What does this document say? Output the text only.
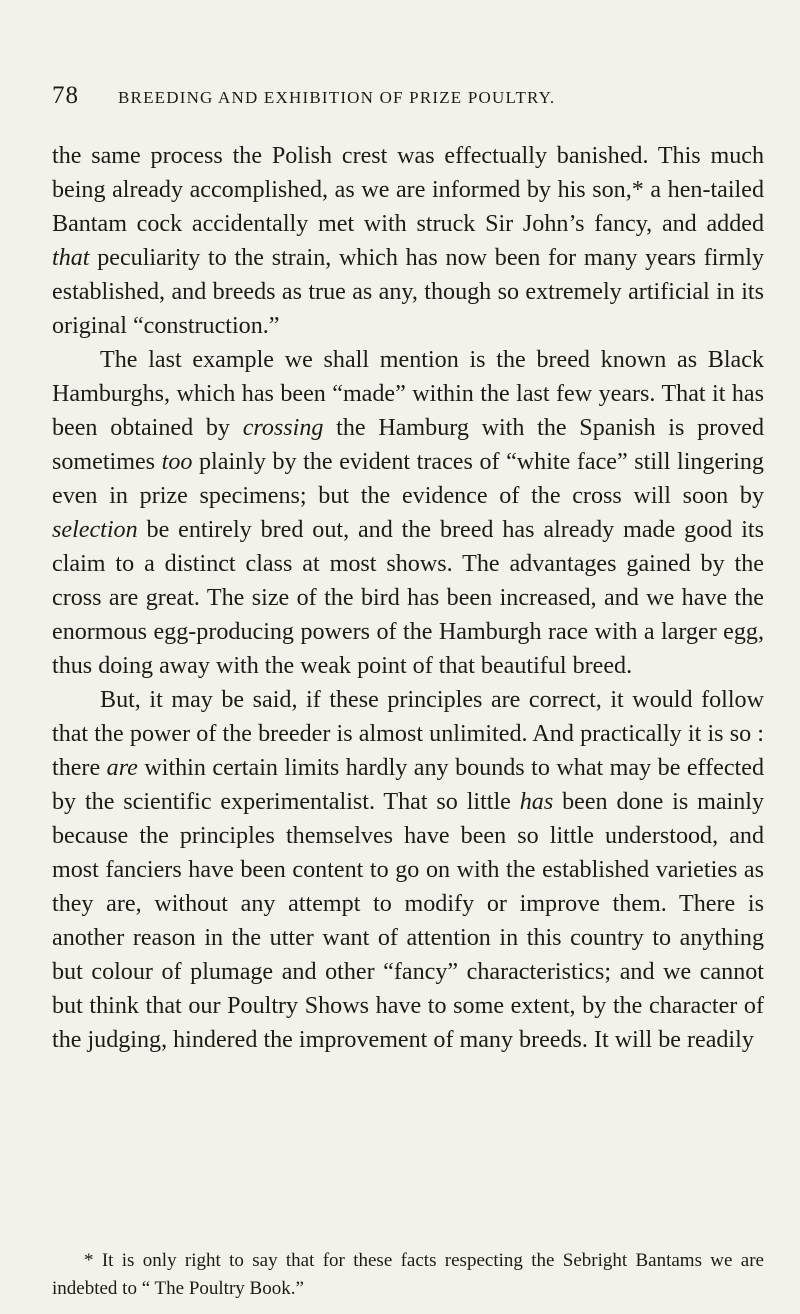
78 BREEDING AND EXHIBITION OF PRIZE POULTRY.

the same process the Polish crest was effectually banished. This much being already accomplished, as we are informed by his son,* a hen-tailed Bantam cock accidentally met with struck Sir John’s fancy, and added that peculiarity to the strain, which has now been for many years firmly established, and breeds as true as any, though so extremely artificial in its original “construction.”

The last example we shall mention is the breed known as Black Hamburghs, which has been “made” within the last few years. That it has been obtained by crossing the Hamburg with the Spanish is proved sometimes too plainly by the evident traces of “white face” still lingering even in prize specimens; but the evidence of the cross will soon by selection be entirely bred out, and the breed has already made good its claim to a distinct class at most shows. The advantages gained by the cross are great. The size of the bird has been increased, and we have the enormous egg-producing powers of the Hamburgh race with a larger egg, thus doing away with the weak point of that beautiful breed.

But, it may be said, if these principles are correct, it would follow that the power of the breeder is almost unlimited. And practically it is so : there are within certain limits hardly any bounds to what may be effected by the scientific experimentalist. That so little has been done is mainly because the principles themselves have been so little understood, and most fanciers have been content to go on with the established varieties as they are, without any attempt to modify or improve them. There is another reason in the utter want of attention in this country to anything but colour of plumage and other “fancy” characteristics; and we cannot but think that our Poultry Shows have to some extent, by the character of the judging, hindered the improvement of many breeds. It will be readily

* It is only right to say that for these facts respecting the Sebright Bantams we are indebted to “ The Poultry Book.”
